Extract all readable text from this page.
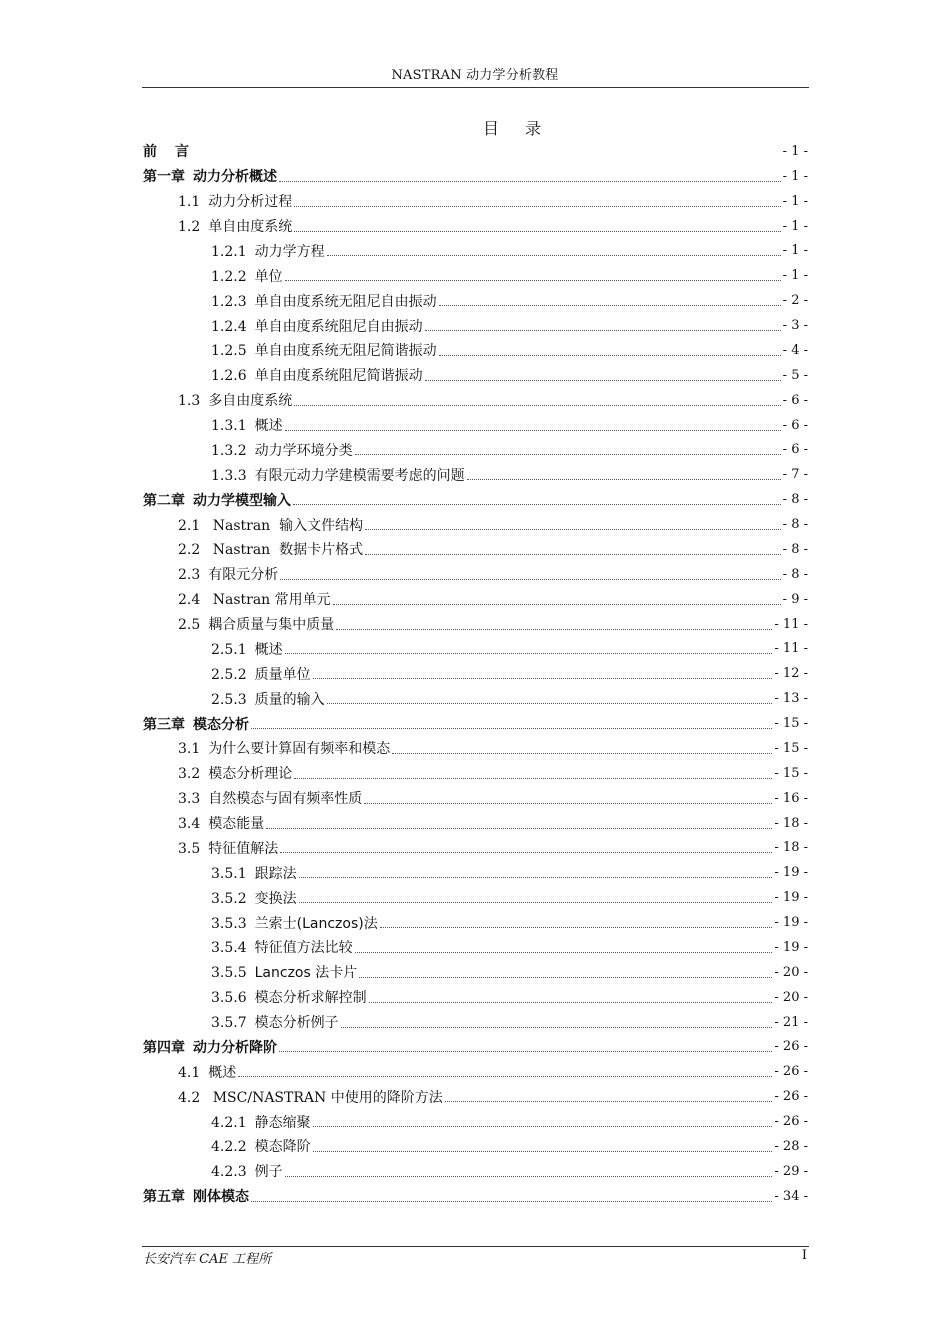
NASTRAN 动力学分析教程
目录
前言	- 1 -
第一章 动力分析概述	- 1 -
1.1 动力分析过程	- 1 -
1.2 单自由度系统	- 1 -
1.2.1 动力学方程	- 1 -
1.2.2 单位	- 1 -
1.2.3 单自由度系统无阻尼自由振动	- 2 -
1.2.4 单自由度系统阻尼自由振动	- 3 -
1.2.5 单自由度系统无阻尼简谐振动	- 4 -
1.2.6 单自由度系统阻尼简谐振动	- 5 -
1.3 多自由度系统	- 6 -
1.3.1 概述	- 6 -
1.3.2 动力学环境分类	- 6 -
1.3.3 有限元动力学建模需要考虑的问题	- 7 -
第二章 动力学模型输入	- 8 -
2.1 Nastran  输入文件结构	- 8 -
2.2 Nastran  数据卡片格式	- 8 -
2.3 有限元分析	- 8 -
2.4 Nastran 常用单元	- 9 -
2.5 耦合质量与集中质量	- 11 -
2.5.1 概述	- 11 -
2.5.2 质量单位	- 12 -
2.5.3 质量的输入	- 13 -
第三章 模态分析	- 15 -
3.1 为什么要计算固有频率和模态	- 15 -
3.2 模态分析理论	- 15 -
3.3 自然模态与固有频率性质	- 16 -
3.4 模态能量	- 18 -
3.5 特征值解法	- 18 -
3.5.1 跟踪法	- 19 -
3.5.2 变换法	- 19 -
3.5.3 兰索士(Lanczos)法	- 19 -
3.5.4 特征值方法比较	- 19 -
3.5.5 Lanczos 法卡片	- 20 -
3.5.6 模态分析求解控制	- 20 -
3.5.7 模态分析例子	- 21 -
第四章 动力分析降阶	- 26 -
4.1 概述	- 26 -
4.2 MSC/NASTRAN 中使用的降阶方法	- 26 -
4.2.1 静态缩聚	- 26 -
4.2.2 模态降阶	- 28 -
4.2.3 例子	- 29 -
第五章 刚体模态	- 34 -
长安汽车 CAE 工程所	I
